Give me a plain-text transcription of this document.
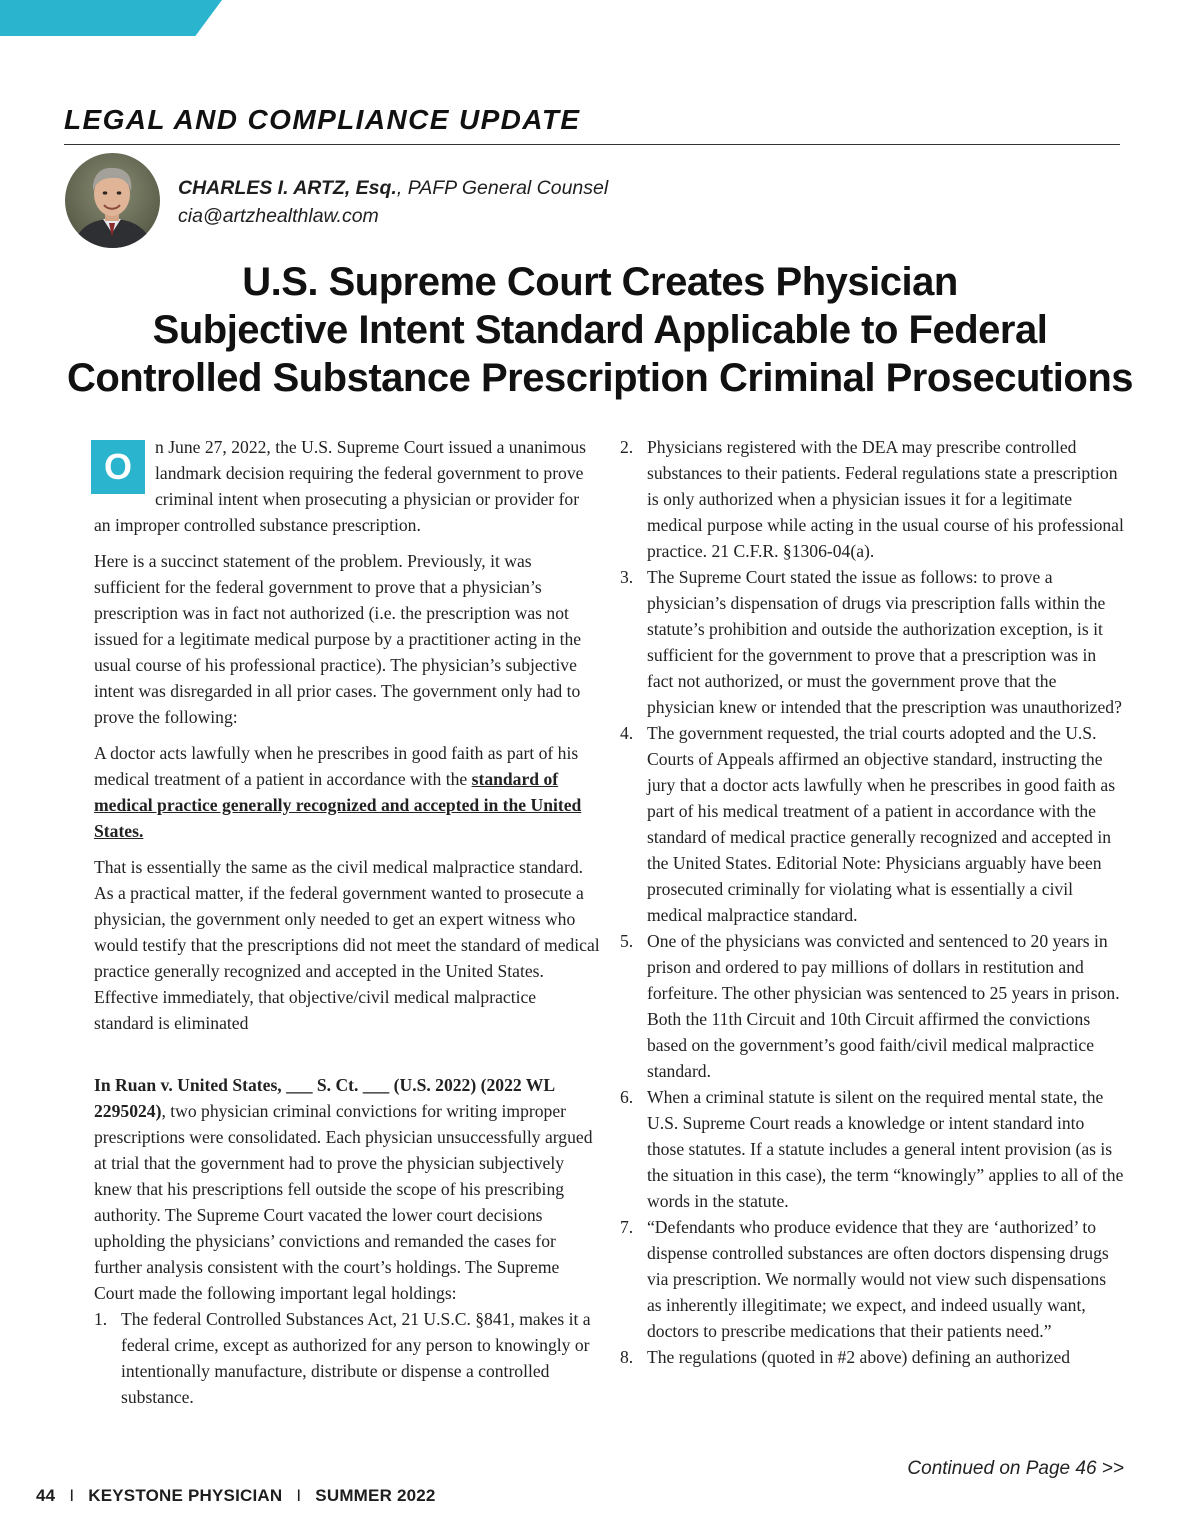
LEGAL AND COMPLIANCE UPDATE
CHARLES I. ARTZ, Esq., PAFP General Counsel
cia@artzhealthlaw.com
U.S. Supreme Court Creates Physician
Subjective Intent Standard Applicable to Federal
Controlled Substance Prescription Criminal Prosecutions

O	n June 27, 2022, the U.S. Supreme Court issued a unanimous landmark decision requiring the federal government to prove criminal intent when prosecuting a physician or provider for an improper controlled substance prescription.

Here is a succinct statement of the problem. Previously, it was sufficient for the federal government to prove that a physician’s prescription was in fact not authorized (i.e. the prescription was not issued for a legitimate medical purpose by a practitioner acting in the usual course of his professional practice). The physician’s subjective intent was disregarded in all prior cases. The government only had to prove the following:

A doctor acts lawfully when he prescribes in good faith as part of his medical treatment of a patient in accordance with the standard of medical practice generally recognized and accepted in the United States.

That is essentially the same as the civil medical malpractice standard. As a practical matter, if the federal government wanted to prosecute a physician, the government only needed to get an expert witness who would testify that the prescriptions did not meet the standard of medical practice generally recognized and accepted in the United States. Effective immediately, that objective/civil medical malpractice standard is eliminated

In Ruan v. United States, ___ S. Ct. ___ (U.S. 2022) (2022 WL 2295024), two physician criminal convictions for writing improper prescriptions were consolidated. Each physician unsuccessfully argued at trial that the government had to prove the physician subjectively knew that his prescriptions fell outside the scope of his prescribing authority. The Supreme Court vacated the lower court decisions upholding the physicians’ convictions and remanded the cases for further analysis consistent with the court’s holdings. The Supreme Court made the following important legal holdings:

1. The federal Controlled Substances Act, 21 U.S.C. §841, makes it a federal crime, except as authorized for any person to knowingly or intentionally manufacture, distribute or dispense a controlled substance.
2. Physicians registered with the DEA may prescribe controlled substances to their patients. Federal regulations state a prescription is only authorized when a physician issues it for a legitimate medical purpose while acting in the usual course of his professional practice. 21 C.F.R. §1306-04(a).
3. The Supreme Court stated the issue as follows: to prove a physician’s dispensation of drugs via prescription falls within the statute’s prohibition and outside the authorization exception, is it sufficient for the government to prove that a prescription was in fact not authorized, or must the government prove that the physician knew or intended that the prescription was unauthorized?
4. The government requested, the trial courts adopted and the U.S. Courts of Appeals affirmed an objective standard, instructing the jury that a doctor acts lawfully when he prescribes in good faith as part of his medical treatment of a patient in accordance with the standard of medical practice generally recognized and accepted in the United States. Editorial Note: Physicians arguably have been prosecuted criminally for violating what is essentially a civil medical malpractice standard.
5. One of the physicians was convicted and sentenced to 20 years in prison and ordered to pay millions of dollars in restitution and forfeiture. The other physician was sentenced to 25 years in prison. Both the 11th Circuit and 10th Circuit affirmed the convictions based on the government’s good faith/civil medical malpractice standard.
6. When a criminal statute is silent on the required mental state, the U.S. Supreme Court reads a knowledge or intent standard into those statutes. If a statute includes a general intent provision (as is the situation in this case), the term “knowingly” applies to all of the words in the statute.
7. “Defendants who produce evidence that they are ‘authorized’ to dispense controlled substances are often doctors dispensing drugs via prescription. We normally would not view such dispensations as inherently illegitimate; we expect, and indeed usually want, doctors to prescribe medications that their patients need.”
8. The regulations (quoted in #2 above) defining an authorized
Continued on Page 46 >>
44 I KEYSTONE PHYSICIAN I SUMMER 2022
